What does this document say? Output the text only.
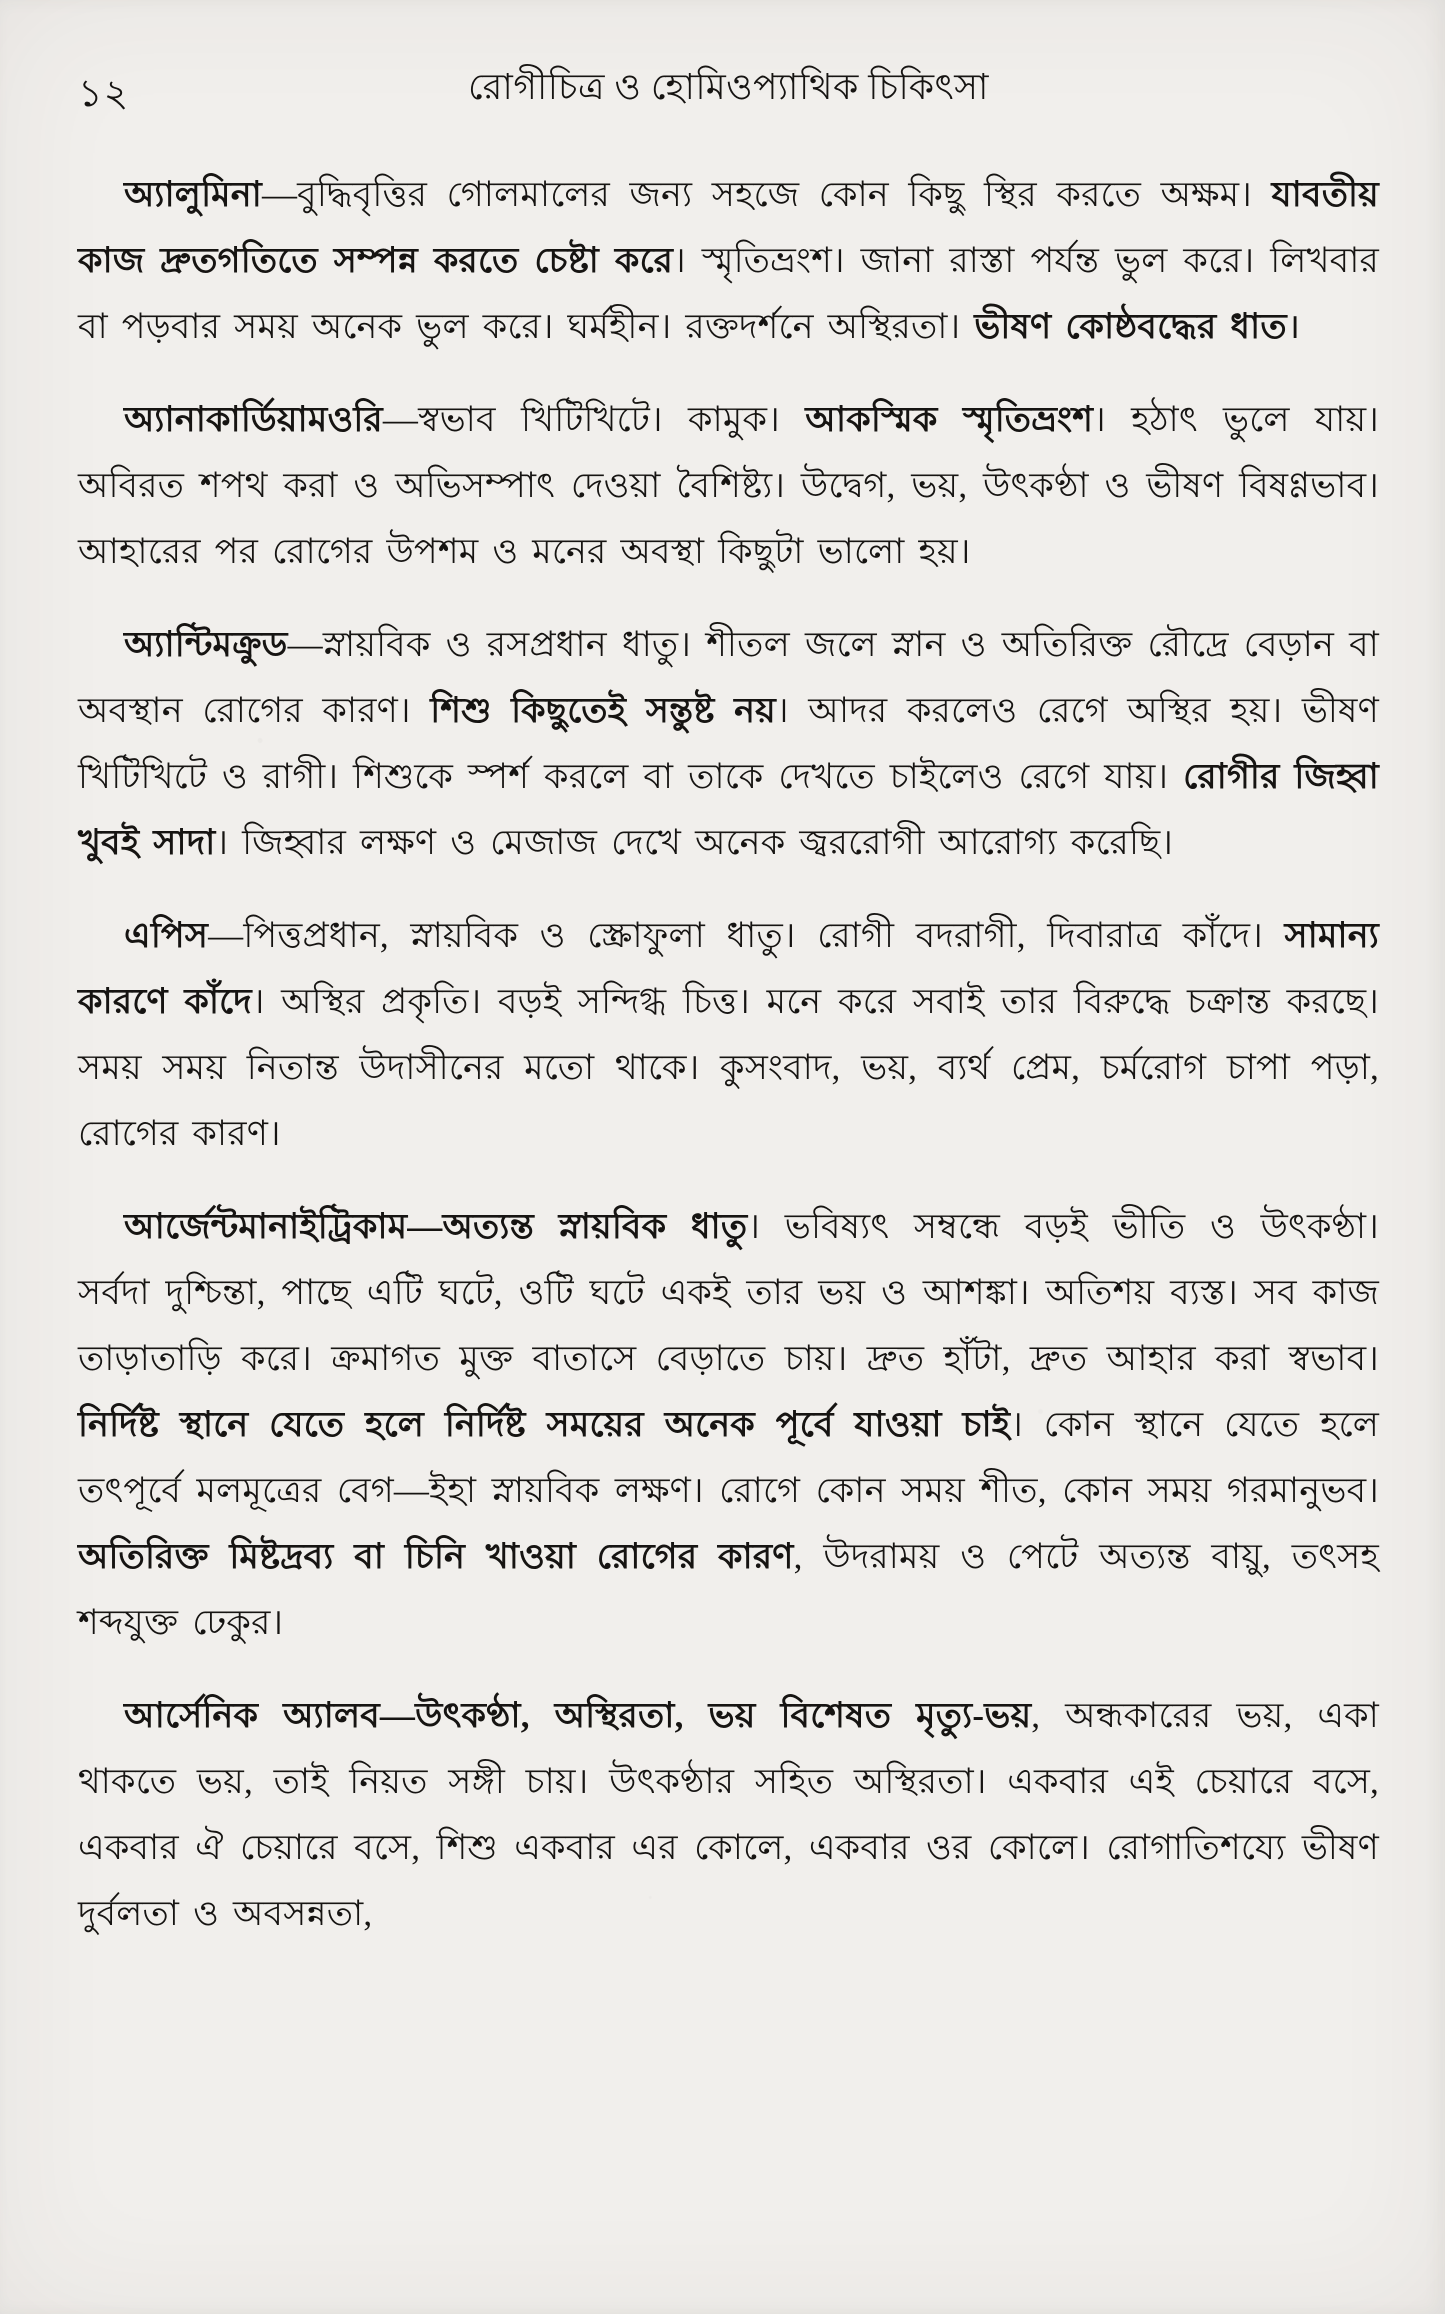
১২	রোগীচিত্র ও হোমিওপ্যাথিক চিকিৎসা

অ্যালুমিনা—বুদ্ধিবৃত্তির গোলমালের জন্য সহজে কোন কিছু স্থির করতে অক্ষম। যাবতীয় কাজ দ্রুতগতিতে সম্পন্ন করতে চেষ্টা করে। স্মৃতিভ্রংশ। জানা রাস্তা পর্যন্ত ভুল করে। লিখবার বা পড়বার সময় অনেক ভুল করে। ঘর্মহীন। রক্তদর্শনে অস্থিরতা। ভীষণ কোষ্ঠবদ্ধের ধাত।

অ্যানাকার্ডিয়ামওরি—স্বভাব খিটিখিটে। কামুক। আকস্মিক স্মৃতিভ্রংশ। হঠাৎ ভুলে যায়। অবিরত শপথ করা ও অভিসম্পাৎ দেওয়া বৈশিষ্ট্য। উদ্বেগ, ভয়, উৎকণ্ঠা ও ভীষণ বিষণ্ণভাব। আহারের পর রোগের উপশম ও মনের অবস্থা কিছুটা ভালো হয়।

অ্যান্টিমক্রুড—স্নায়বিক ও রসপ্রধান ধাতু। শীতল জলে স্নান ও অতিরিক্ত রৌদ্রে বেড়ান বা অবস্থান রোগের কারণ। শিশু কিছুতেই সন্তুষ্ট নয়। আদর করলেও রেগে অস্থির হয়। ভীষণ খিটিখিটে ও রাগী। শিশুকে স্পর্শ করলে বা তাকে দেখতে চাইলেও রেগে যায়। রোগীর জিহ্বা খুবই সাদা। জিহ্বার লক্ষণ ও মেজাজ দেখে অনেক জ্বররোগী আরোগ্য করেছি।

এপিস—পিত্তপ্রধান, স্নায়বিক ও স্ক্রোফুলা ধাতু। রোগী বদরাগী, দিবারাত্র কাঁদে। সামান্য কারণে কাঁদে। অস্থির প্রকৃতি। বড়ই সন্দিগ্ধ চিত্ত। মনে করে সবাই তার বিরুদ্ধে চক্রান্ত করছে। সময় সময় নিতান্ত উদাসীনের মতো থাকে। কুসংবাদ, ভয়, ব্যর্থ প্রেম, চর্মরোগ চাপা পড়া, রোগের কারণ।

আর্জেন্টমানাইট্রিকাম—অত্যন্ত স্নায়বিক ধাতু। ভবিষ্যৎ সম্বন্ধে বড়ই ভীতি ও উৎকণ্ঠা। সর্বদা দুশ্চিন্তা, পাছে এটি ঘটে, ওটি ঘটে একই তার ভয় ও আশঙ্কা। অতিশয় ব্যস্ত। সব কাজ তাড়াতাড়ি করে। ক্রমাগত মুক্ত বাতাসে বেড়াতে চায়। দ্রুত হাঁটা, দ্রুত আহার করা স্বভাব। নির্দিষ্ট স্থানে যেতে হলে নির্দিষ্ট সময়ের অনেক পূর্বে যাওয়া চাই। কোন স্থানে যেতে হলে তৎপূর্বে মলমূত্রের বেগ—ইহা স্নায়বিক লক্ষণ। রোগে কোন সময় শীত, কোন সময় গরমানুভব। অতিরিক্ত মিষ্টদ্রব্য বা চিনি খাওয়া রোগের কারণ, উদরাময় ও পেটে অত্যন্ত বায়ু, তৎসহ শব্দযুক্ত ঢেকুর।

আর্সেনিক অ্যালব—উৎকণ্ঠা, অস্থিরতা, ভয় বিশেষত মৃত্যু-ভয়, অন্ধকারের ভয়, একা থাকতে ভয়, তাই নিয়ত সঙ্গী চায়। উৎকণ্ঠার সহিত অস্থিরতা। একবার এই চেয়ারে বসে, একবার ঐ চেয়ারে বসে, শিশু একবার এর কোলে, একবার ওর কোলে। রোগাতিশয্যে ভীষণ দুর্বলতা ও অবসন্নতা,
